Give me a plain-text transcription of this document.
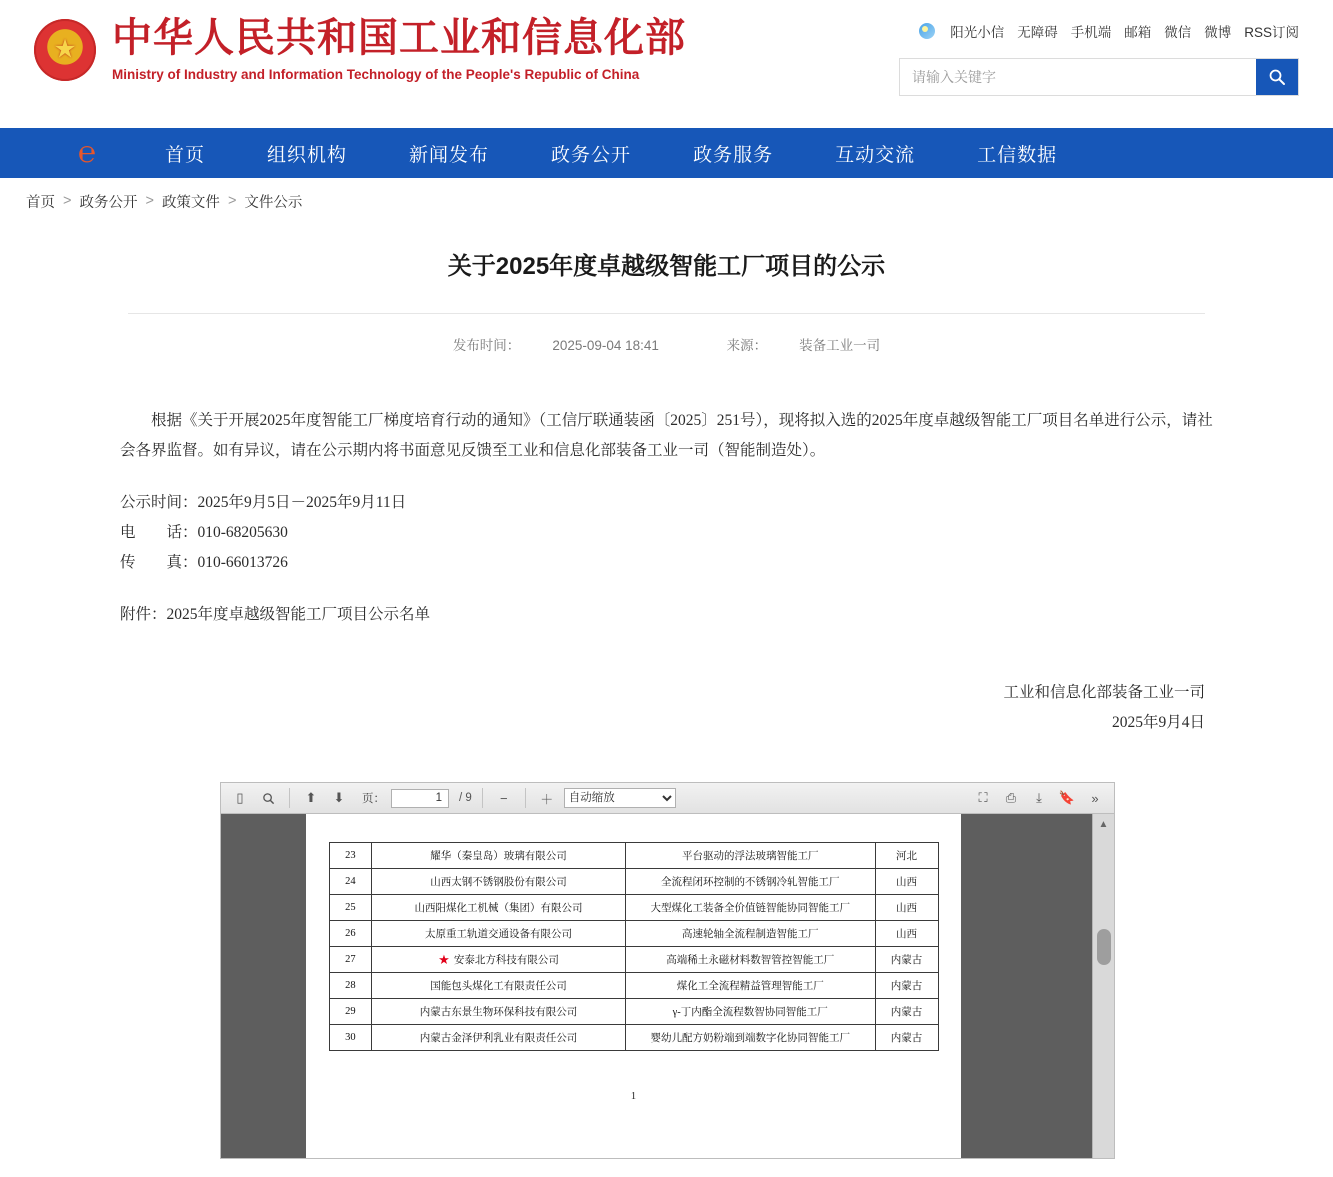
★
中华人民共和国工业和信息化部
Ministry of Industry and Information Technology of the People's Republic of China
阳光小信 无障碍 手机端 邮箱 微信 微博 RSS订阅
请输入关键字
℮
首页	组织机构	新闻发布	政务公开	政务服务	互动交流	工信数据
首页 > 政务公开 > 政策文件 > 文件公示
关于2025年度卓越级智能工厂项目的公示
发布时间： 2025-09-04 18:41	来源： 装备工业一司

根据《关于开展2025年度智能工厂梯度培育行动的通知》（工信厅联通装函〔2025〕251号），现将拟入选的2025年度卓越级智能工厂项目名单进行公示，请社会各界监督。如有异议，请在公示期内将书面意见反馈至工业和信息化部装备工业一司（智能制造处）。

公示时间：2025年9月5日－2025年9月11日

电　　话：010-68205630

传　　真：010-66013726

附件：2025年度卓越级智能工厂项目公示名单

工业和信息化部装备工业一司
2025年9月4日
▯	⬆	⬇	页：
1	/ 9	−	＋
自动缩放	⛶	⎙	⤓	🔖	»
23	耀华（秦皇岛）玻璃有限公司	平台驱动的浮法玻璃智能工厂	河北
24	山西太钢不锈钢股份有限公司	全流程闭环控制的不锈钢冷轧智能工厂	山西
25	山西阳煤化工机械（集团）有限公司	大型煤化工装备全价值链智能协同智能工厂	山西
26	太原重工轨道交通设备有限公司	高速轮轴全流程制造智能工厂	山西
27	★ 安泰北方科技有限公司	高端稀土永磁材料数智管控智能工厂	内蒙古
28	国能包头煤化工有限责任公司	煤化工全流程精益管理智能工厂	内蒙古
29	内蒙古东景生物环保科技有限公司	γ-丁内酯全流程数智协同智能工厂	内蒙古
30	内蒙古金泽伊利乳业有限责任公司	婴幼儿配方奶粉端到端数字化协同智能工厂	内蒙古
1
▲
